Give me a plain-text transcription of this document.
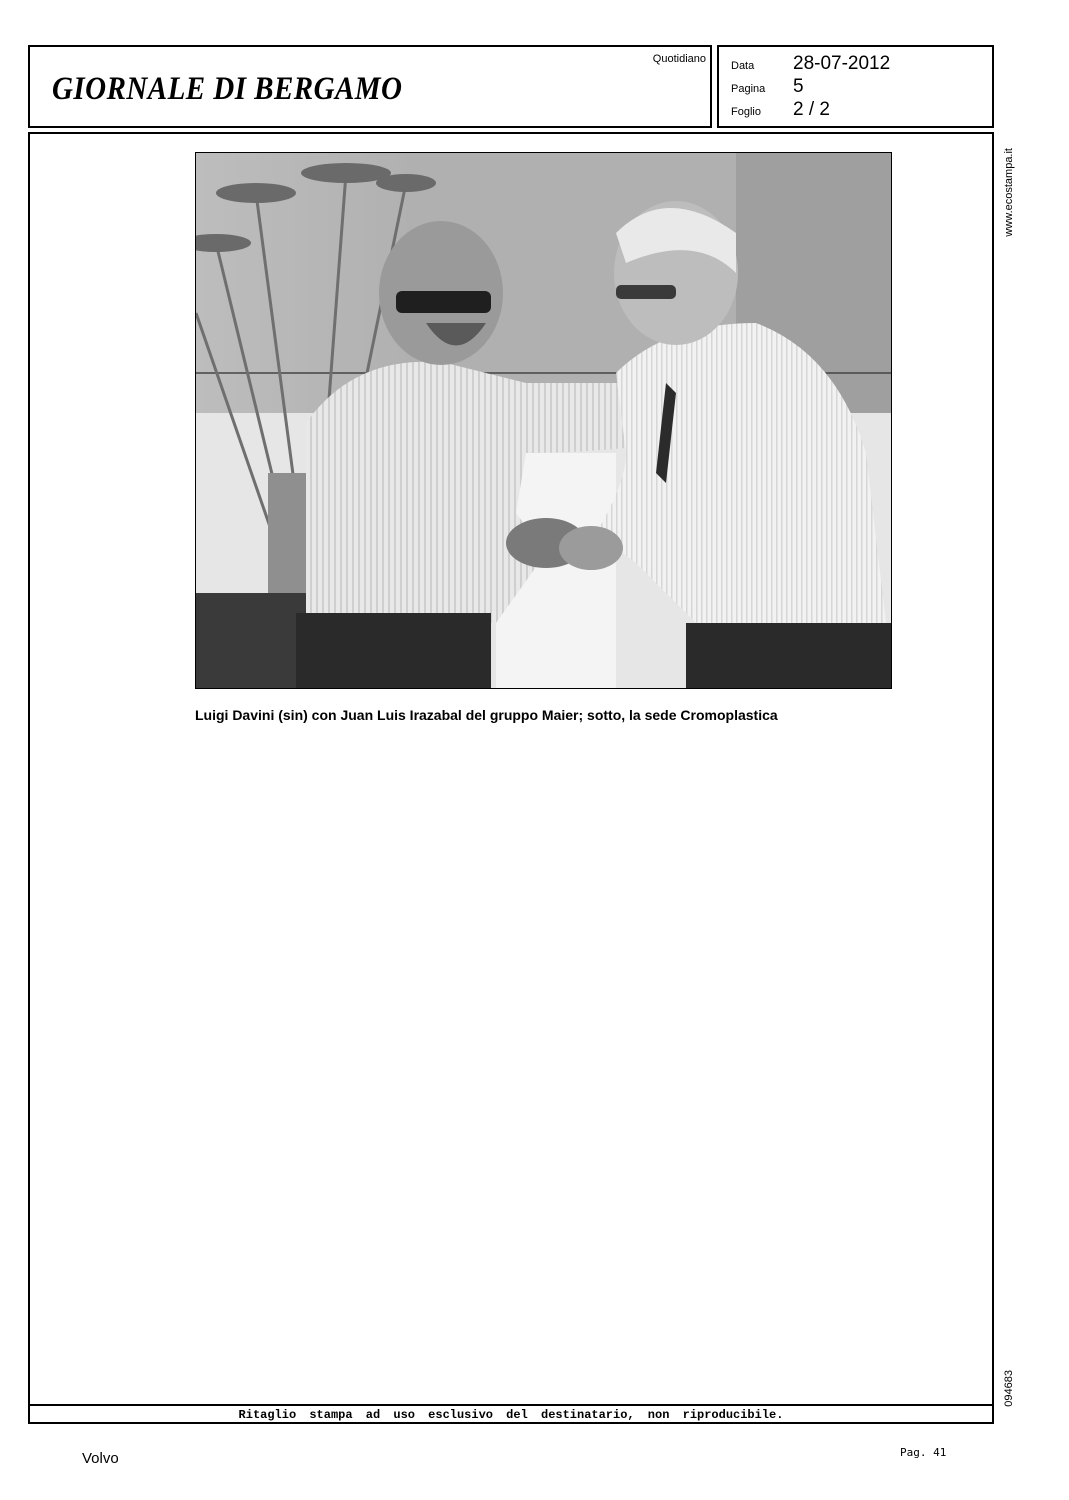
GIORNALE DI BERGAMO
Quotidiano
Data	28-07-2012
Pagina	5
Foglio	2 / 2
Ritaglio stampa ad uso esclusivo del destinatario, non riproducibile.
www.ecostampa.it
094683
Luigi Davini (sin) con Juan Luis Irazabal del gruppo Maier; sotto, la sede Cromoplastica
Volvo	Pag. 41
